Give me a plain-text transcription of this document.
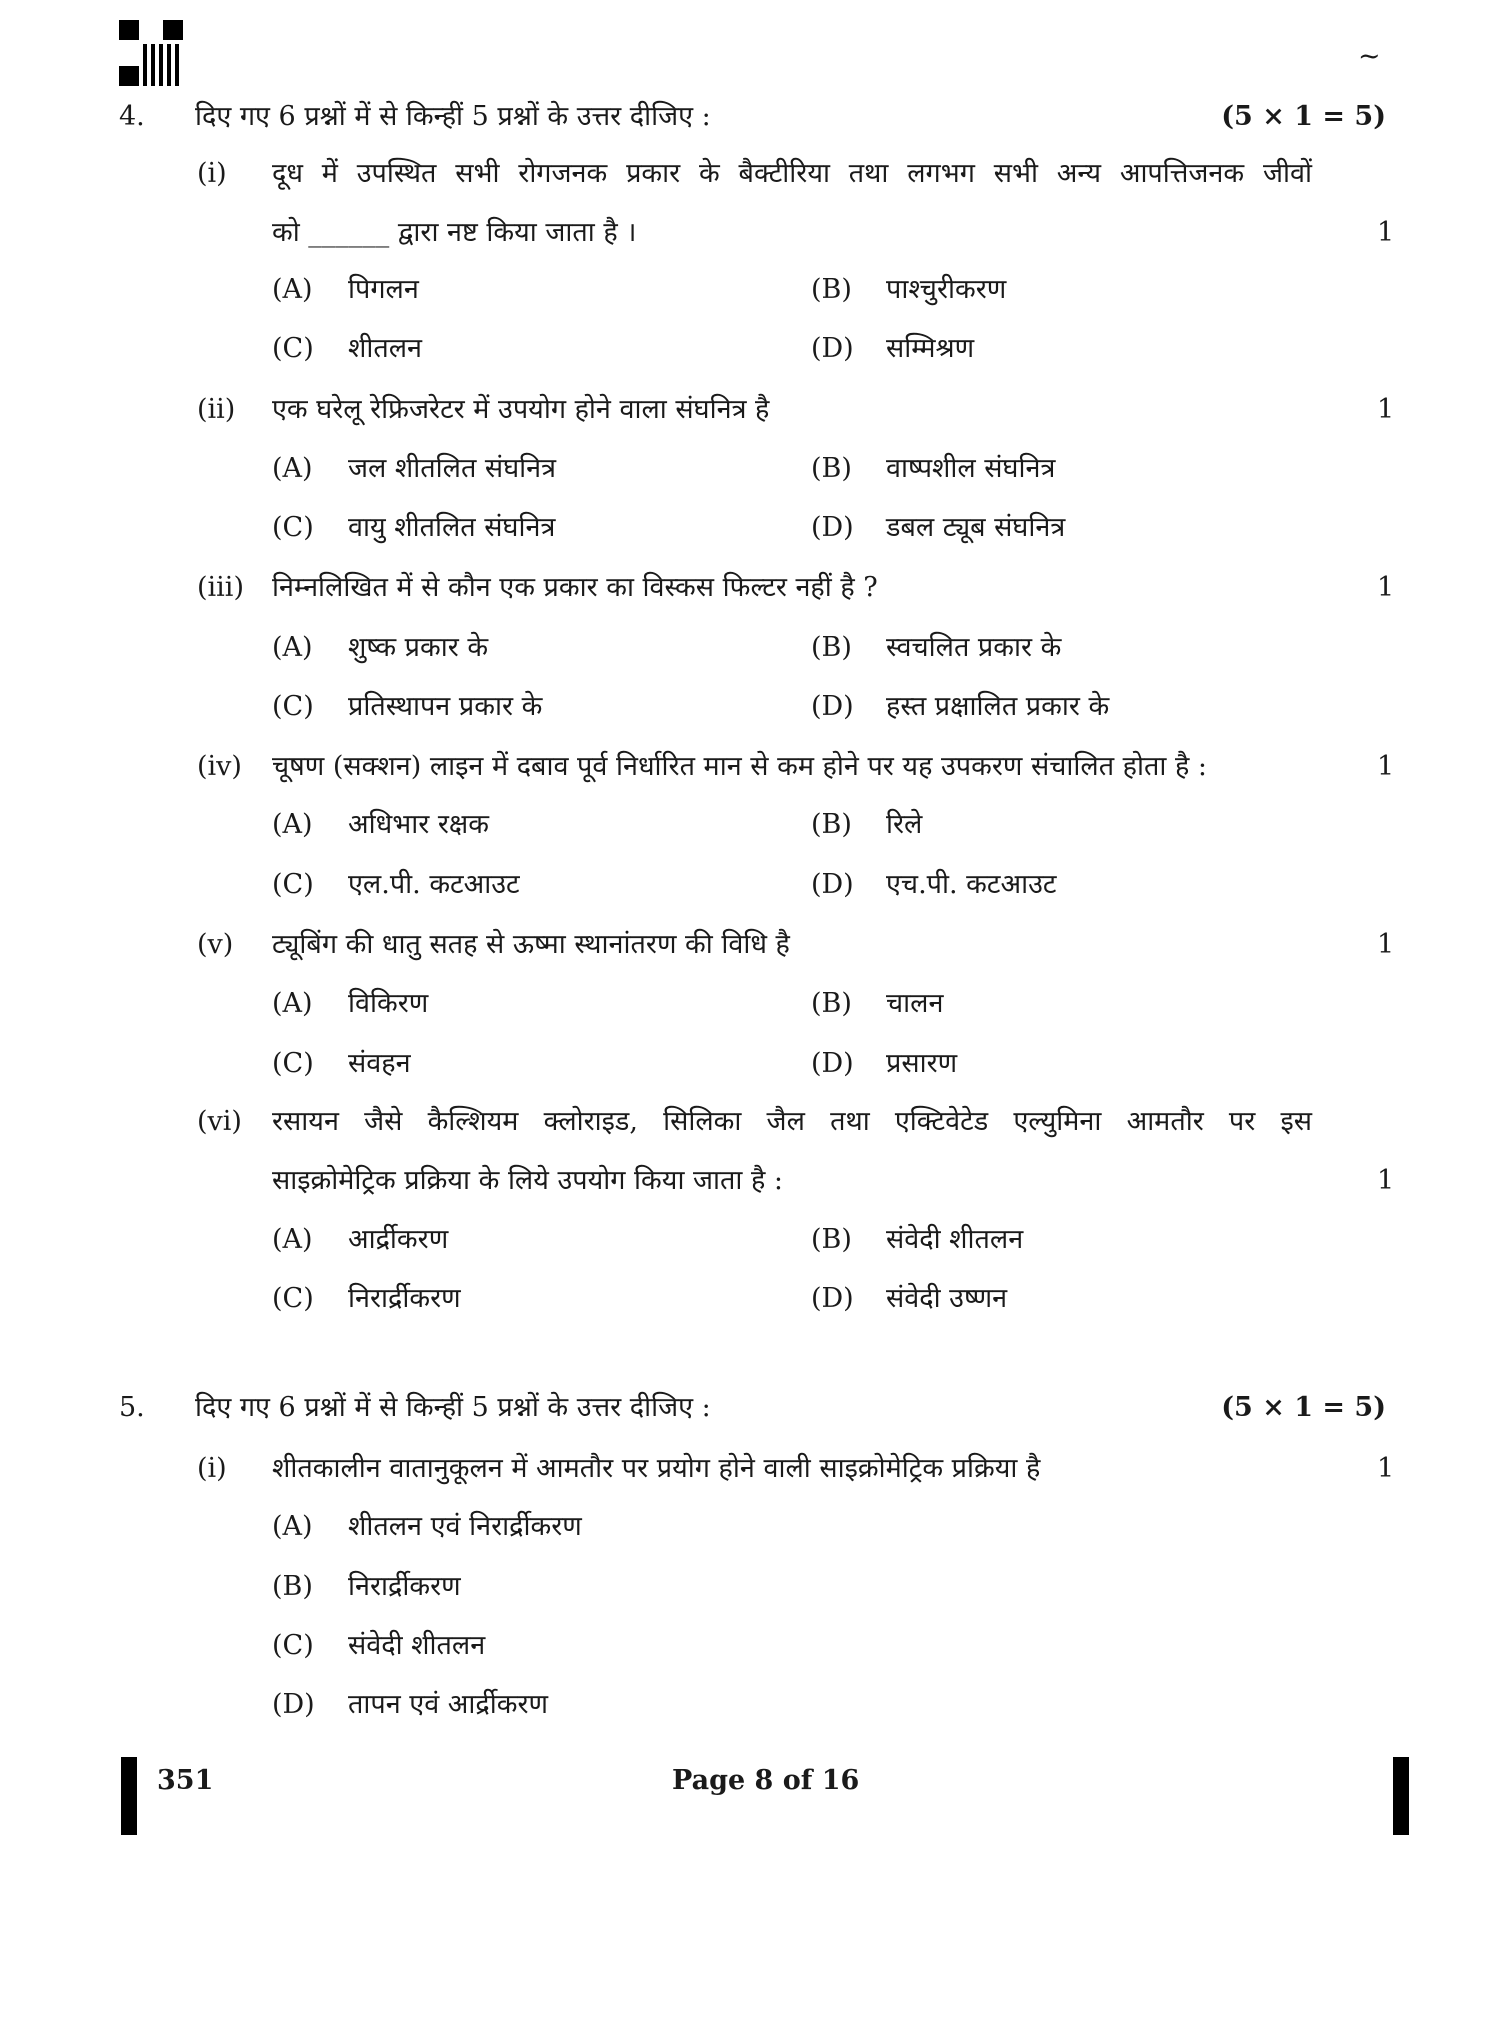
~
4. दिए गए 6 प्रश्नों में से किन्हीं 5 प्रश्नों के उत्तर दीजिए :	(5 × 1 = 5)
(i) दूध में उपस्थित सभी रोगजनक प्रकार के बैक्टीरिया तथा लगभग सभी अन्य आपत्तिजनक जीवों
को ______ द्वारा नष्ट किया जाता है ।	1
(A) पिगलन	(B) पाश्चुरीकरण
(C) शीतलन	(D) सम्मिश्रण
(ii) एक घरेलू रेफ्रिजरेटर में उपयोग होने वाला संघनित्र है	1
(A) जल शीतलित संघनित्र	(B) वाष्पशील संघनित्र
(C) वायु शीतलित संघनित्र	(D) डबल ट्यूब संघनित्र
(iii) निम्नलिखित में से कौन एक प्रकार का विस्कस फिल्टर नहीं है ?	1
(A) शुष्क प्रकार के	(B) स्वचलित प्रकार के
(C) प्रतिस्थापन प्रकार के	(D) हस्त प्रक्षालित प्रकार के
(iv) चूषण (सक्शन) लाइन में दबाव पूर्व निर्धारित मान से कम होने पर यह उपकरण संचालित होता है :	1
(A) अधिभार रक्षक	(B) रिले
(C) एल.पी. कटआउट	(D) एच.पी. कटआउट
(v) ट्यूबिंग की धातु सतह से ऊष्मा स्थानांतरण की विधि है	1
(A) विकिरण	(B) चालन
(C) संवहन	(D) प्रसारण
(vi) रसायन जैसे कैल्शियम क्लोराइड, सिलिका जैल तथा एक्टिवेटेड एल्युमिना आमतौर पर इस
साइक्रोमेट्रिक प्रक्रिया के लिये उपयोग किया जाता है :	1
(A) आर्द्रीकरण	(B) संवेदी शीतलन
(C) निरार्द्रीकरण	(D) संवेदी उष्णन
5. दिए गए 6 प्रश्नों में से किन्हीं 5 प्रश्नों के उत्तर दीजिए :	(5 × 1 = 5)
(i) शीतकालीन वातानुकूलन में आमतौर पर प्रयोग होने वाली साइक्रोमेट्रिक प्रक्रिया है	1
(A) शीतलन एवं निरार्द्रीकरण
(B) निरार्द्रीकरण
(C) संवेदी शीतलन
(D) तापन एवं आर्द्रीकरण
351	Page 8 of 16
